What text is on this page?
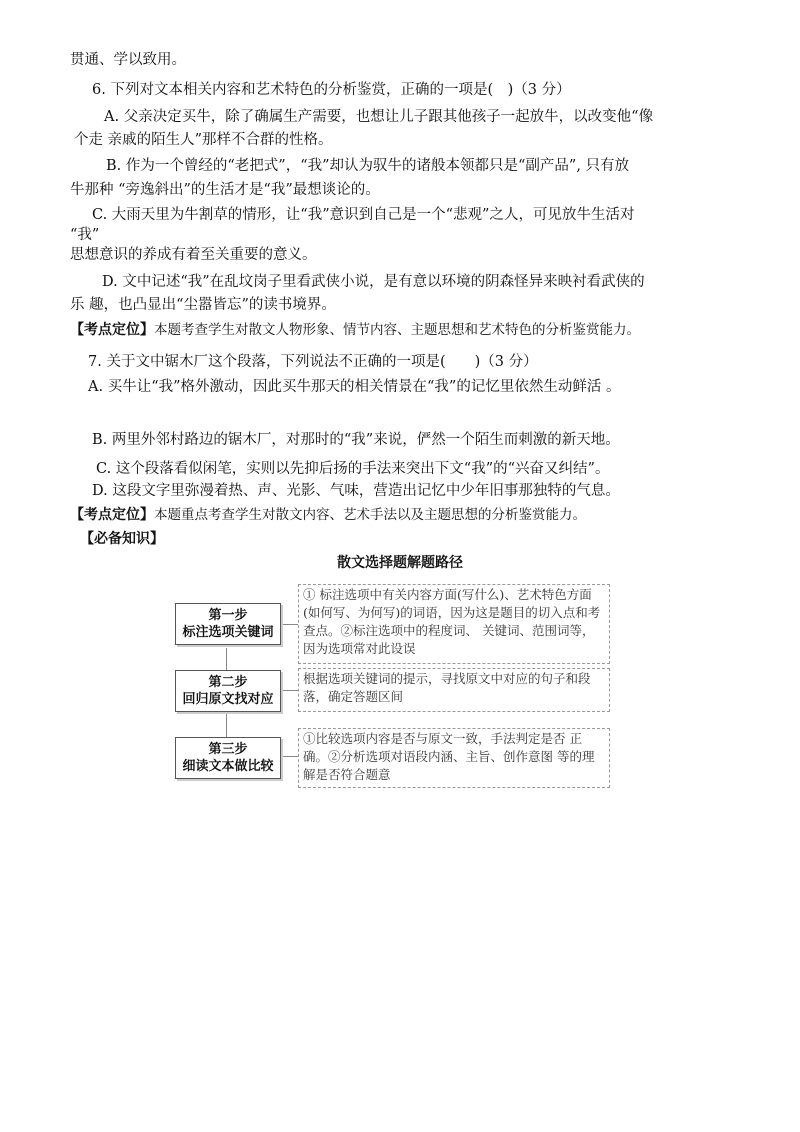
贯通、学以致用。
6. 下列对文本相关内容和艺术特色的分析鉴赏，正确的一项是(　)（3 分）
A. 父亲决定买牛，除了确属生产需要，也想让儿子跟其他孩子一起放牛，以改变他“像
个走 亲戚的陌生人”那样不合群的性格。
B. 作为一个曾经的“老把式”，“我”却认为驭牛的诸般本领都只是“副产品”, 只有放
牛那种 “旁逸斜出”的生活才是“我”最想谈论的。
C. 大雨天里为牛割草的情形，让“我”意识到自己是一个“悲观”之人，可见放牛生活对
“我”
思想意识的养成有着至关重要的意义。
D. 文中记述“我”在乱坟岗子里看武侠小说，是有意以环境的阴森怪异来映衬看武侠的
乐 趣，也凸显出“尘嚣皆忘”的读书境界。
【考点定位】本题考查学生对散文人物形象、情节内容、主题思想和艺术特色的分析鉴赏能力。
7. 关于文中锯木厂这个段落，下列说法不正确的一项是(　　)（3 分）
A. 买牛让“我”格外激动，因此买牛那天的相关情景在“我”的记忆里依然生动鲜活 。
B. 两里外邻村路边的锯木厂，对那时的“我”来说，俨然一个陌生而刺激的新天地。
C. 这个段落看似闲笔，实则以先抑后扬的手法来突出下文“我”的“兴奋又纠结”。
D. 这段文字里弥漫着热、声、光影、气味，营造出记忆中少年旧事那独特的气息。
【考点定位】本题重点考查学生对散文内容、艺术手法以及主题思想的分析鉴赏能力。
【必备知识】
散文选择题解题路径
第一步
标注选项关键词
第二步
回归原文找对应
第三步
细读文本做比较
① 标注选项中有关内容方面(写什么)、艺术特色方面(如何写、为何写)的词语，因为这是题目的切入点和考查点。②标注选项中的程度词、 关键词、范围词等，因为选项常对此设误
根据选项关键词的提示，寻找原文中对应的句子和段落，确定答题区间
①比较选项内容是否与原文一致，手法判定是否 正确。②分析选项对语段内涵、主旨、创作意图 等的理解是否符合题意
